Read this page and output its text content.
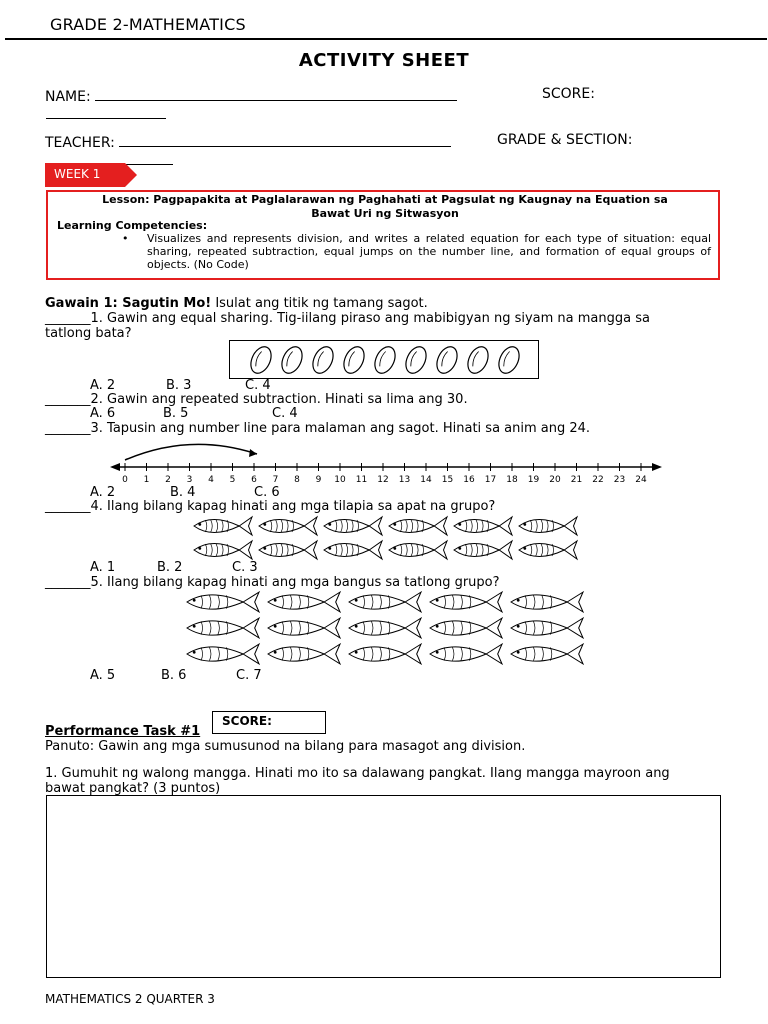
GRADE 2-MATHEMATICS
ACTIVITY SHEET
NAME:	SCORE:
TEACHER:	GRADE & SECTION:
WEEK 1
Lesson: Pagpapakita at Paglalarawan ng Paghahati at Pagsulat ng Kaugnay na Equation sa
Bawat Uri ng Sitwasyon
Learning Competencies:
• Visualizes and represents division, and writes a related equation for each type of situation: equal sharing, repeated subtraction, equal jumps on the number line, and formation of equal groups of objects. (No Code)
Gawain 1: Sagutin Mo! Isulat ang titik ng tamang sagot.
_______1. Gawin ang equal sharing. Tig-iilang piraso ang mabibigyan ng siyam na mangga sa
tatlong bata?
A. 2	B. 3	C. 4
_______2. Gawin ang repeated subtraction. Hinati sa lima ang 30.
A. 6	B. 5	C. 4
_______3. Tapusin ang number line para malaman ang sagot. Hinati sa anim ang 24.
0 1 2 3 4 5 6 7 8 9 10 11 12 13 14 15 16 17 18 19 20 21 22 23 24
A. 2	B. 4	C. 6
_______4. Ilang bilang kapag hinati ang mga tilapia sa apat na grupo?
A. 1	B. 2	C. 3
_______5. Ilang bilang kapag hinati ang mga bangus sa tatlong grupo?
A. 5	B. 6	C. 7
Performance Task #1
SCORE:
Panuto: Gawin ang mga sumusunod na bilang para masagot ang division.
1. Gumuhit ng walong mangga. Hinati mo ito sa dalawang pangkat. Ilang mangga mayroon ang
bawat pangkat? (3 puntos)
MATHEMATICS 2 QUARTER 3
